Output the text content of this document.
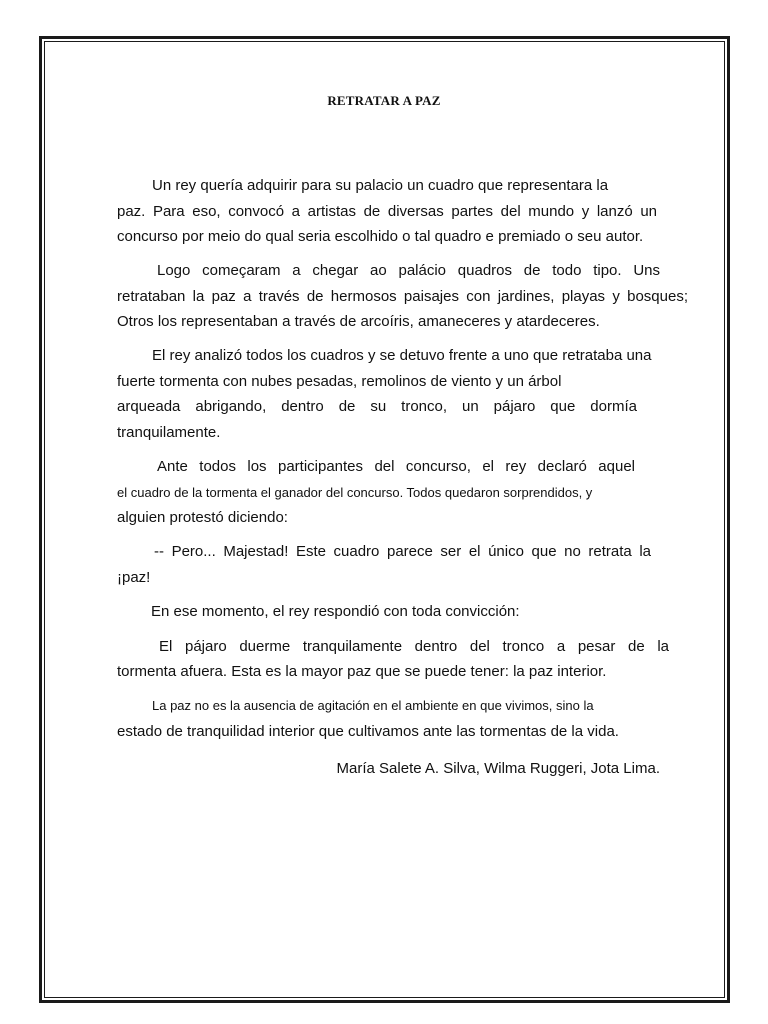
RETRATAR A PAZ
Un rey quería adquirir para su palacio un cuadro que representara la
paz. Para eso, convocó a artistas de diversas partes del mundo y lanzó un
concurso por meio do qual seria escolhido o tal quadro e premiado o seu autor.
Logo começaram a chegar ao palácio quadros de todo tipo. Uns
retrataban la paz a través de hermosos paisajes con jardines, playas y bosques;
Otros los representaban a través de arcoíris, amaneceres y atardeceres.
El rey analizó todos los cuadros y se detuvo frente a uno que retrataba una
fuerte tormenta con nubes pesadas, remolinos de viento y un árbol
arqueada abrigando, dentro de su tronco, un pájaro que dormía
tranquilamente.
Ante todos los participantes del concurso, el rey declaró aquel
el cuadro de la tormenta el ganador del concurso. Todos quedaron sorprendidos, y
alguien protestó diciendo:
-- Pero... Majestad! Este cuadro parece ser el único que no retrata la
¡paz!
En ese momento, el rey respondió con toda convicción:
El pájaro duerme tranquilamente dentro del tronco a pesar de la
tormenta afuera. Esta es la mayor paz que se puede tener: la paz interior.
La paz no es la ausencia de agitación en el ambiente en que vivimos, sino la
estado de tranquilidad interior que cultivamos ante las tormentas de la vida.
María Salete A. Silva, Wilma Ruggeri, Jota Lima.
